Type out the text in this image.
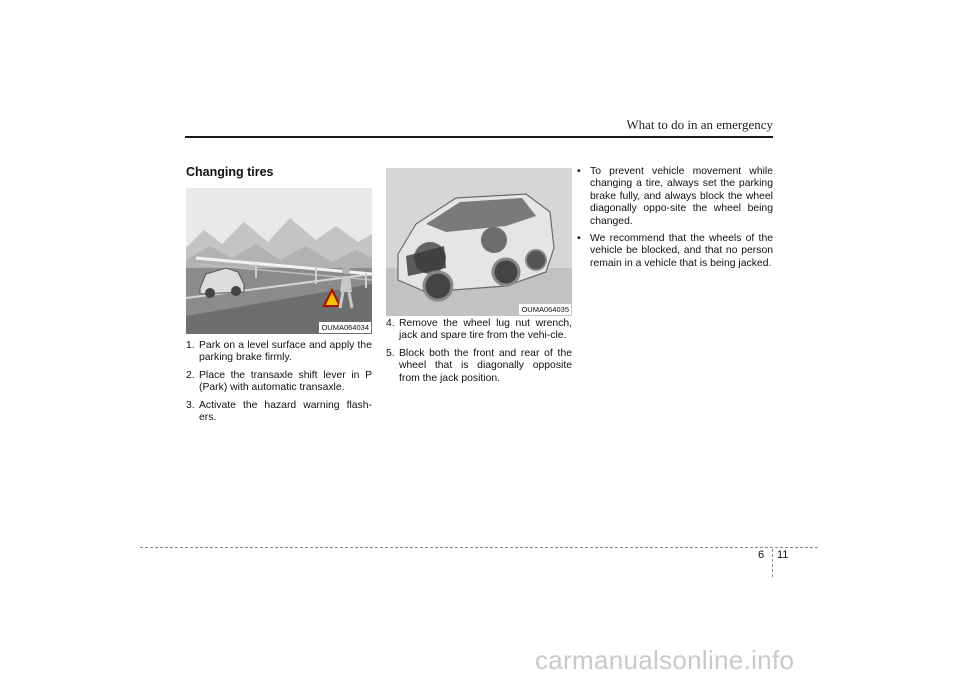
What to do in an emergency
Changing tires
OUMA064034
OUMA064035
1. Park on a level surface and apply the parking brake firmly.
2. Place the transaxle shift lever in P (Park) with automatic transaxle.
3. Activate the hazard warning flash-ers.
4. Remove the wheel lug nut wrench, jack and spare tire from the vehi-cle.
5. Block both the front and rear of the wheel that is diagonally opposite from the jack position.
• To prevent vehicle movement while changing a tire, always set the parking brake fully, and always block the wheel diagonally oppo-site the wheel being changed.
• We recommend that the wheels of the vehicle be blocked, and that no person remain in a vehicle that is being jacked.
6 11
carmanualsonline.info
